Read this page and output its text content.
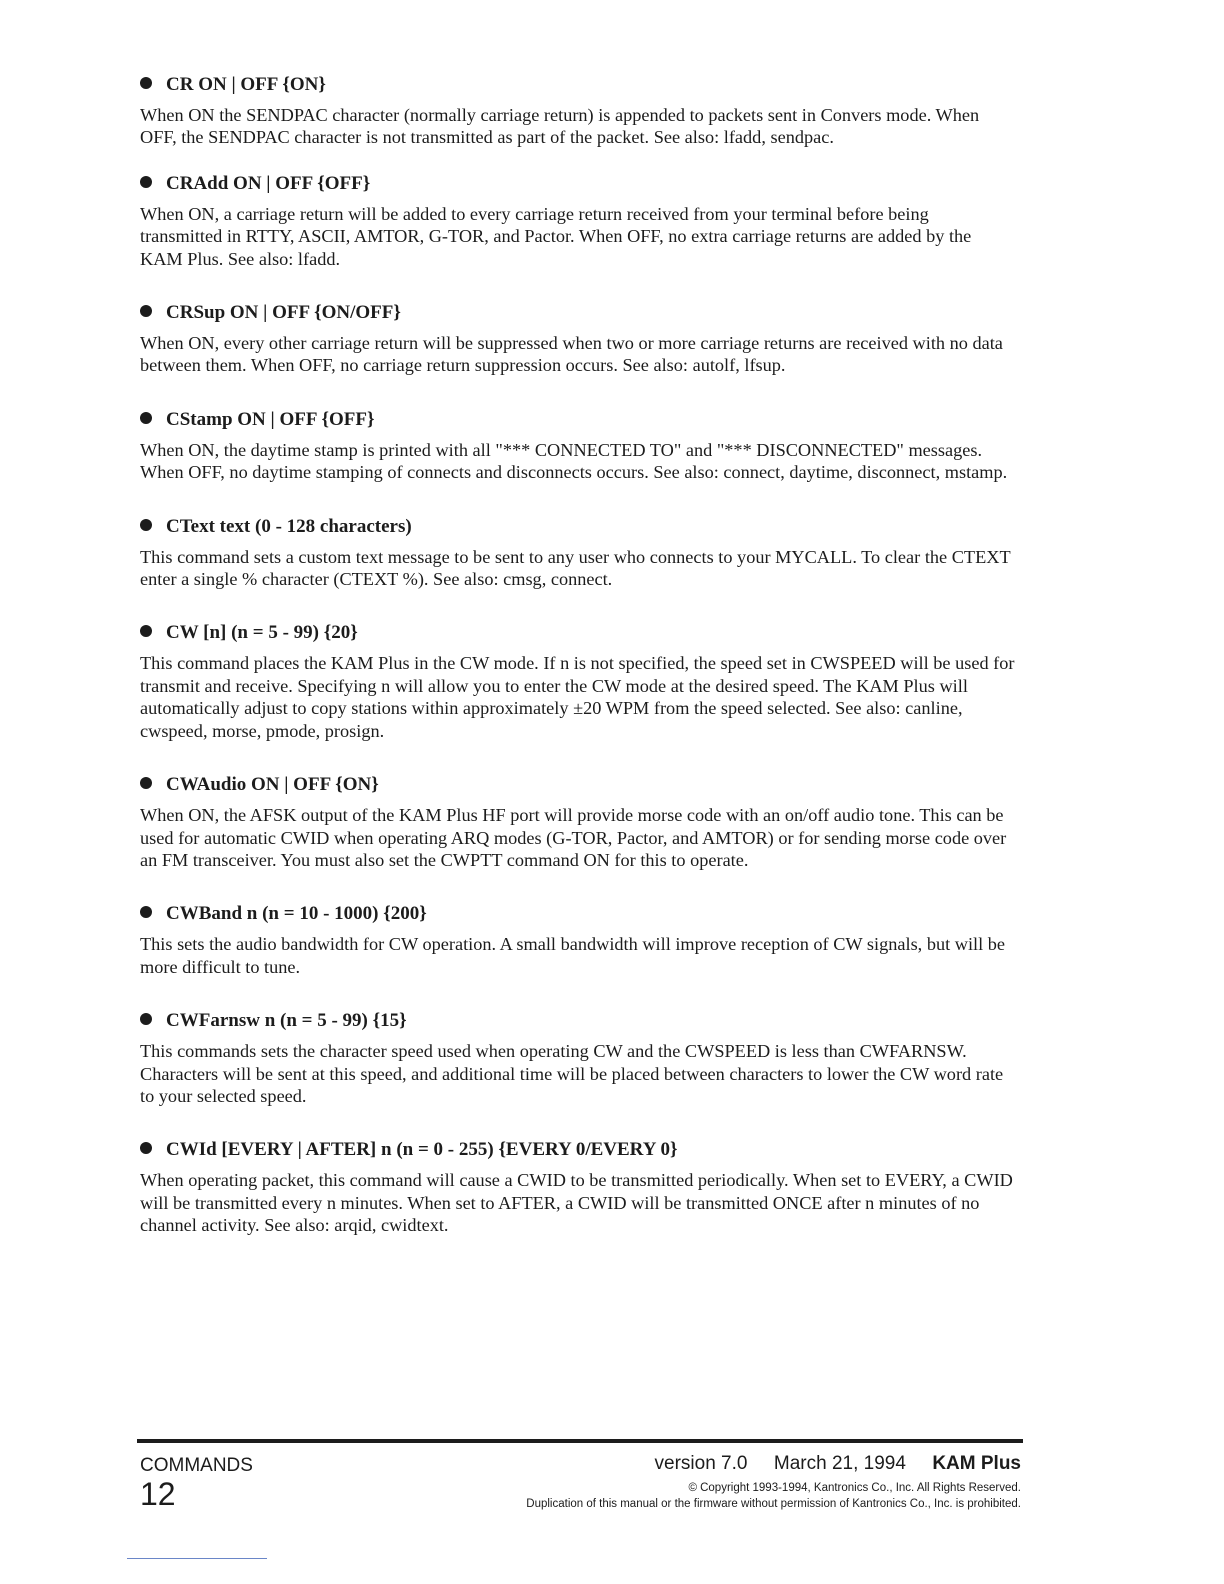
CR ON | OFF {ON}

When ON the SENDPAC character (normally carriage return) is appended to packets sent in Convers mode. When OFF, the SENDPAC character is not transmitted as part of the packet. See also: lfadd, sendpac.

CRAdd ON | OFF {OFF}

When ON, a carriage return will be added to every carriage return received from your terminal before being transmitted in RTTY, ASCII, AMTOR, G-TOR, and Pactor. When OFF, no extra carriage returns are added by the KAM Plus. See also: lfadd.

CRSup ON | OFF {ON/OFF}

When ON, every other carriage return will be suppressed when two or more carriage returns are received with no data between them. When OFF, no carriage return suppression occurs. See also: autolf, lfsup.

CStamp ON | OFF {OFF}

When ON, the daytime stamp is printed with all "*** CONNECTED TO" and "*** DISCONNECTED" messages. When OFF, no daytime stamping of connects and disconnects occurs. See also: connect, daytime, disconnect, mstamp.

CText text (0 - 128 characters)

This command sets a custom text message to be sent to any user who connects to your MYCALL. To clear the CTEXT enter a single % character (CTEXT %). See also: cmsg, connect.

CW [n] (n = 5 - 99) {20}

This command places the KAM Plus in the CW mode. If n is not specified, the speed set in CWSPEED will be used for transmit and receive. Specifying n will allow you to enter the CW mode at the desired speed. The KAM Plus will automatically adjust to copy stations within approximately ±20 WPM from the speed selected. See also: canline, cwspeed, morse, pmode, prosign.

CWAudio ON | OFF {ON}

When ON, the AFSK output of the KAM Plus HF port will provide morse code with an on/off audio tone. This can be used for automatic CWID when operating ARQ modes (G-TOR, Pactor, and AMTOR) or for sending morse code over an FM transceiver. You must also set the CWPTT command ON for this to operate.

CWBand n (n = 10 - 1000) {200}

This sets the audio bandwidth for CW operation. A small bandwidth will improve reception of CW signals, but will be more difficult to tune.

CWFarnsw n (n = 5 - 99) {15}

This commands sets the character speed used when operating CW and the CWSPEED is less than CWFARNSW. Characters will be sent at this speed, and additional time will be placed between characters to lower the CW word rate to your selected speed.

CWId [EVERY | AFTER] n (n = 0 - 255) {EVERY 0/EVERY 0}

When operating packet, this command will cause a CWID to be transmitted periodically. When set to EVERY, a CWID will be transmitted every n minutes. When set to AFTER, a CWID will be transmitted ONCE after n minutes of no channel activity. See also: arqid, cwidtext.

COMMANDS
12
version 7.0 March 21, 1994 KAM Plus
© Copyright 1993-1994, Kantronics Co., Inc. All Rights Reserved.
Duplication of this manual or the firmware without permission of Kantronics Co., Inc. is prohibited.
